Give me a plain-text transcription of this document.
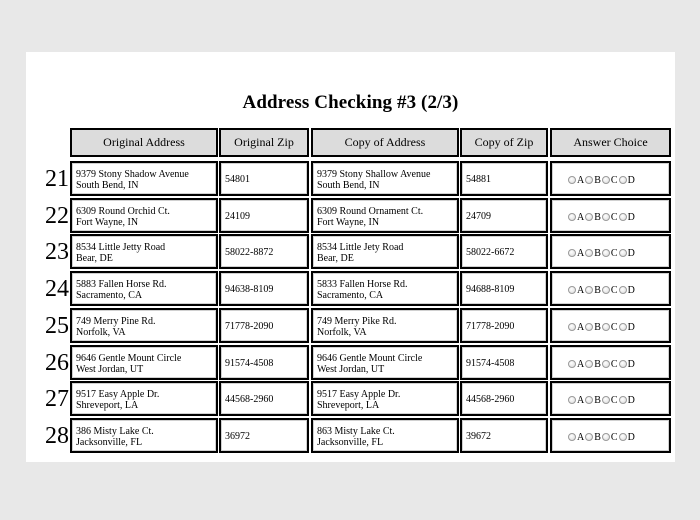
Address Checking #3 (2/3)
Original Address	Original Zip	Copy of Address	Copy of Zip	Answer Choice
21 9379 Stony Shadow Avenue
South Bend, IN
54801	9379 Stony Shallow Avenue
South Bend, IN
54881	A B C D
22 6309 Round Orchid Ct.
Fort Wayne, IN
24109	6309 Round Ornament Ct.
Fort Wayne, IN
24709	A B C D
23 8534 Little Jetty Road
Bear, DE
58022-8872	8534 Little Jety Road
Bear, DE
58022-6672	A B C D
24 5883 Fallen Horse Rd.
Sacramento, CA
94638-8109	5833 Fallen Horse Rd.
Sacramento, CA
94688-8109	A B C D
25 749 Merry Pine Rd.
Norfolk, VA
71778-2090	749 Merry Pike Rd.
Norfolk, VA
71778-2090	A B C D
26 9646 Gentle Mount Circle
West Jordan, UT
91574-4508	9646 Gentle Mount Circle
West Jordan, UT
91574-4508	A B C D
27 9517 Easy Apple Dr.
Shreveport, LA
44568-2960	9517 Easy Apple Dr.
Shreveport, LA
44568-2960	A B C D
28 386 Misty Lake Ct.
Jacksonville, FL
36972	863 Misty Lake Ct.
Jacksonville, FL
39672	A B C D
